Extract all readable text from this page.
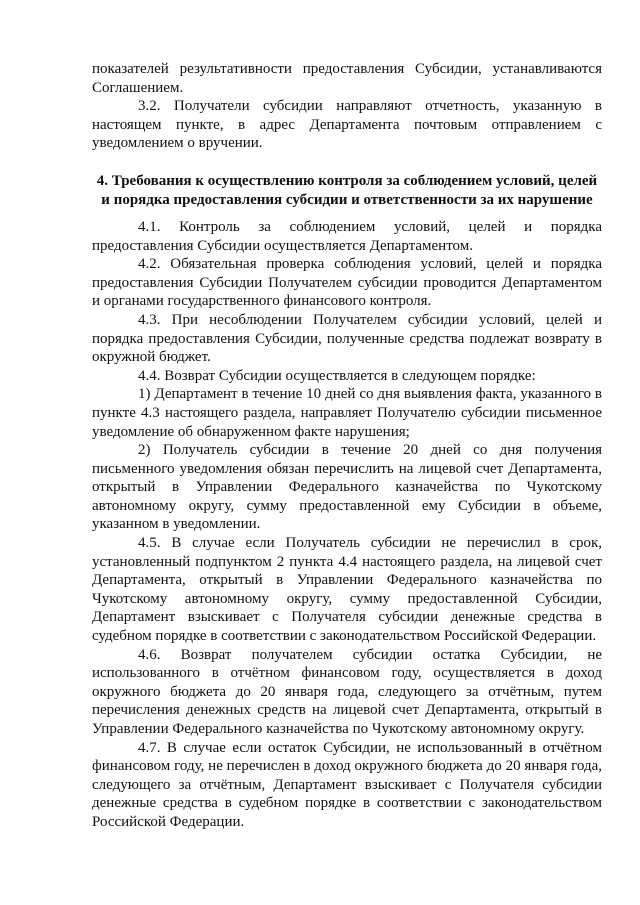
показателей результативности предоставления Субсидии, устанавливаются Соглашением.

3.2. Получатели субсидии направляют отчетность, указанную в настоящем пункте, в адрес Департамента почтовым отправлением с уведомлением о вручении.

4. Требования к осуществлению контроля за соблюдением условий, целей и порядка предоставления субсидии и ответственности за их нарушение

4.1. Контроль за соблюдением условий, целей и порядка предоставления Субсидии осуществляется Департаментом.

4.2. Обязательная проверка соблюдения условий, целей и порядка предоставления Субсидии Получателем субсидии проводится Департаментом и органами государственного финансового контроля.

4.3. При несоблюдении Получателем субсидии условий, целей и порядка предоставления Субсидии, полученные средства подлежат возврату в окружной бюджет.

4.4. Возврат Субсидии осуществляется в следующем порядке:

1) Департамент в течение 10 дней со дня выявления факта, указанного в пункте 4.3 настоящего раздела, направляет Получателю субсидии письменное уведомление об обнаруженном факте нарушения;

2) Получатель субсидии в течение 20 дней со дня получения письменного уведомления обязан перечислить на лицевой счет Департамента, открытый в Управлении Федерального казначейства по Чукотскому автономному округу, сумму предоставленной ему Субсидии в объеме, указанном в уведомлении.

4.5. В случае если Получатель субсидии не перечислил в срок, установленный подпунктом 2 пункта 4.4 настоящего раздела, на лицевой счет Департамента, открытый в Управлении Федерального казначейства по Чукотскому автономному округу, сумму предоставленной Субсидии, Департамент взыскивает с Получателя субсидии денежные средства в судебном порядке в соответствии с законодательством Российской Федерации.

4.6. Возврат получателем субсидии остатка Субсидии, не использованного в отчётном финансовом году, осуществляется в доход окружного бюджета до 20 января года, следующего за отчётным, путем перечисления денежных средств на лицевой счет Департамента, открытый в Управлении Федерального казначейства по Чукотскому автономному округу.

4.7. В случае если остаток Субсидии, не использованный в отчётном финансовом году, не перечислен в доход окружного бюджета до 20 января года, следующего за отчётным, Департамент взыскивает с Получателя субсидии денежные средства в судебном порядке в соответствии с законодательством Российской Федерации.
